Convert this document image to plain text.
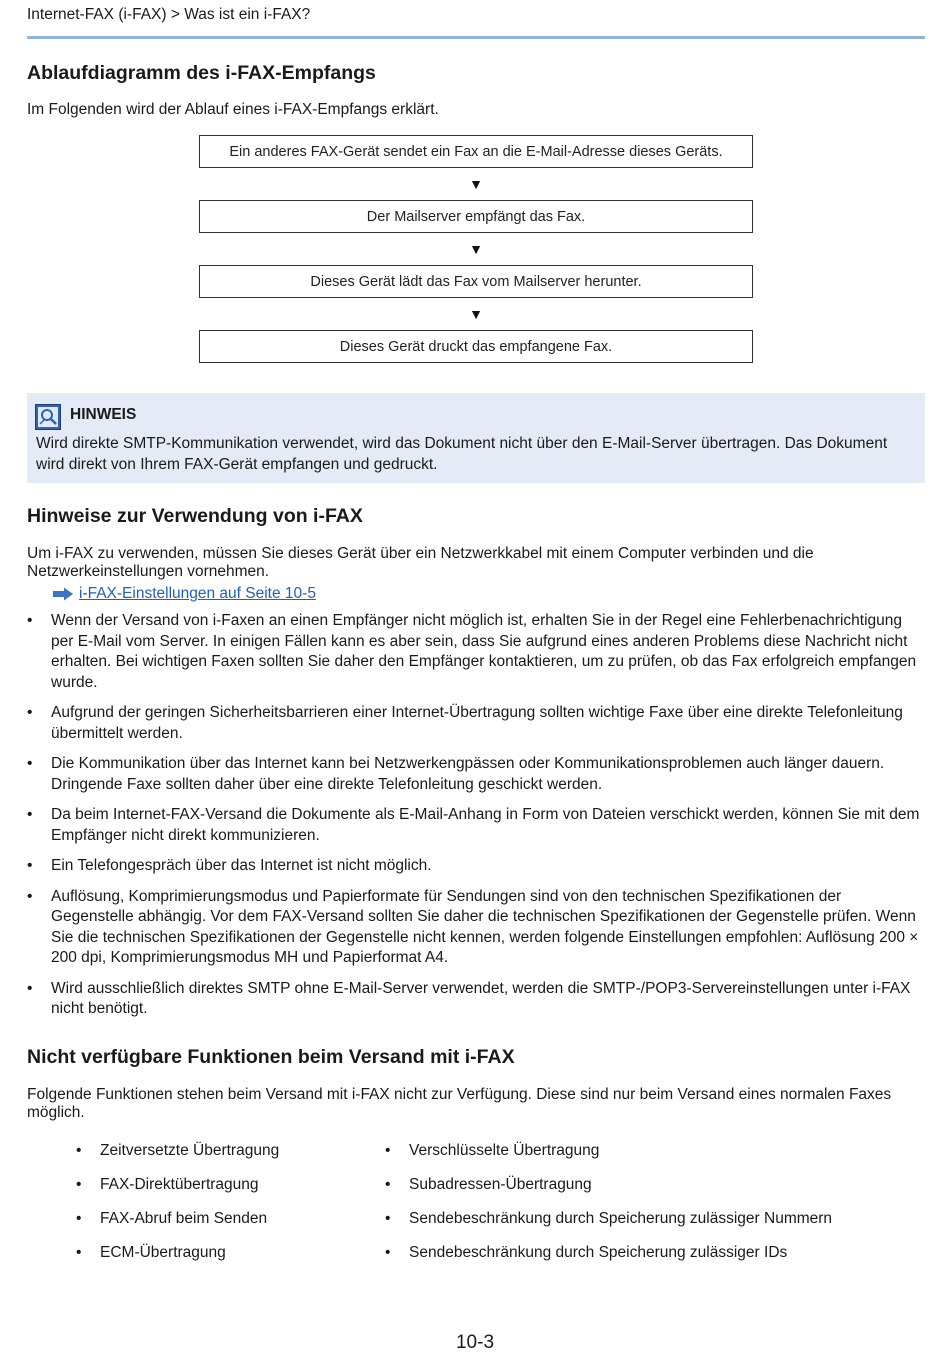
Internet-FAX (i-FAX) > Was ist ein i-FAX?
Ablaufdiagramm des i-FAX-Empfangs

Im Folgenden wird der Ablauf eines i-FAX-Empfangs erklärt.

Ein anderes FAX-Gerät sendet ein Fax an die E-Mail-Adresse dieses Geräts.
▼
Der Mailserver empfängt das Fax.
▼
Dieses Gerät lädt das Fax vom Mailserver herunter.
▼
Dieses Gerät druckt das empfangene Fax.
HINWEIS
Wird direkte SMTP-Kommunikation verwendet, wird das Dokument nicht über den E-Mail-Server übertragen. Das Dokument wird direkt von Ihrem FAX-Gerät empfangen und gedruckt.
Hinweise zur Verwendung von i-FAX

Um i-FAX zu verwenden, müssen Sie dieses Gerät über ein Netzwerkkabel mit einem Computer verbinden und die Netzwerkeinstellungen vornehmen.

i-FAX-Einstellungen auf Seite 10-5
• Wenn der Versand von i-Faxen an einen Empfänger nicht möglich ist, erhalten Sie in der Regel eine Fehlerbenachrichtigung per E-Mail vom Server. In einigen Fällen kann es aber sein, dass Sie aufgrund eines anderen Problems diese Nachricht nicht erhalten. Bei wichtigen Faxen sollten Sie daher den Empfänger kontaktieren, um zu prüfen, ob das Fax erfolgreich empfangen wurde.
• Aufgrund der geringen Sicherheitsbarrieren einer Internet-Übertragung sollten wichtige Faxe über eine direkte Telefonleitung übermittelt werden.
• Die Kommunikation über das Internet kann bei Netzwerkengpässen oder Kommunikationsproblemen auch länger dauern. Dringende Faxe sollten daher über eine direkte Telefonleitung geschickt werden.
• Da beim Internet-FAX-Versand die Dokumente als E-Mail-Anhang in Form von Dateien verschickt werden, können Sie mit dem Empfänger nicht direkt kommunizieren.
• Ein Telefongespräch über das Internet ist nicht möglich.
• Auflösung, Komprimierungsmodus und Papierformate für Sendungen sind von den technischen Spezifikationen der Gegenstelle abhängig. Vor dem FAX-Versand sollten Sie daher die technischen Spezifikationen der Gegenstelle prüfen. Wenn Sie die technischen Spezifikationen der Gegenstelle nicht kennen, werden folgende Einstellungen empfohlen: Auflösung 200 × 200 dpi, Komprimierungsmodus MH und Papierformat A4.
• Wird ausschließlich direktes SMTP ohne E-Mail-Server verwendet, werden die SMTP-/POP3-Servereinstellungen unter i-FAX nicht benötigt.
Nicht verfügbare Funktionen beim Versand mit i-FAX

Folgende Funktionen stehen beim Versand mit i-FAX nicht zur Verfügung. Diese sind nur beim Versand eines normalen Faxes möglich.

• Zeitversetzte Übertragung
• FAX-Direktübertragung
• FAX-Abruf beim Senden
• ECM-Übertragung
• Verschlüsselte Übertragung
• Subadressen-Übertragung
• Sendebeschränkung durch Speicherung zulässiger Nummern
• Sendebeschränkung durch Speicherung zulässiger IDs
10-3
